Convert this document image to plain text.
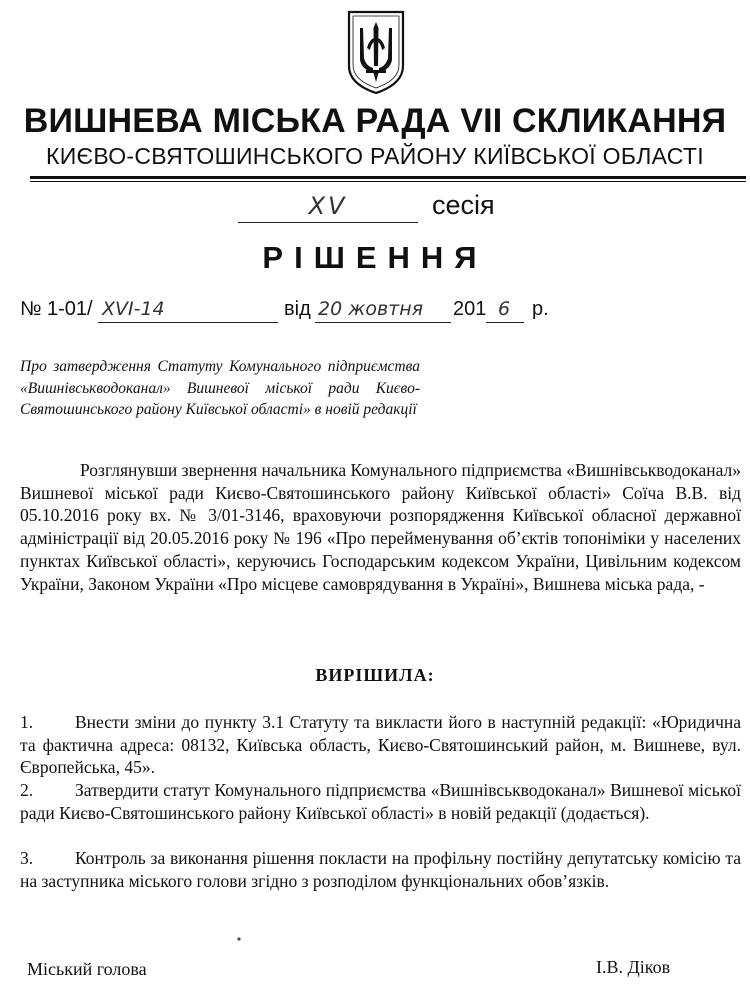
ВИШНЕВА МІСЬКА РАДА VII СКЛИКАННЯ
КИЄВО-СВЯТОШИНСЬКОГО РАЙОНУ КИЇВСЬКОЇ ОБЛАСТІ
XV	сесія
РІШЕННЯ
№ 1-01/ XVI-14	від 20 жовтня 201 6 р.
Про затвердження Статуту Комунального підприємства «Вишнівськводоканал» Вишневої міської ради Києво-Святошинського району Київської області» в новій редакції

Розглянувши звернення начальника Комунального підприємства «Вишнівськводоканал» Вишневої міської ради Києво-Святошинського району Київської області» Соїча В.В. від 05.10.2016 року вх. № 3/01-3146, враховуючи розпорядження Київської обласної державної адміністрації від 20.05.2016 року № 196 «Про перейменування об’єктів топоніміки у населених пунктах Київської області», керуючись Господарським кодексом України, Цивільним кодексом України, Законом України «Про місцеве самоврядування в Україні», Вишнева міська рада, -

ВИРІШИЛА:
1. Внести зміни до пункту 3.1 Статуту та викласти його в наступній редакції: «Юридична та фактична адреса: 08132, Київська область, Києво-Святошинський район, м. Вишневе, вул. Європейська, 45».
2. Затвердити статут Комунального підприємства «Вишнівськводоканал» Вишневої міської ради Києво-Святошинського району Київської області» в новій редакції (додається).
3. Контроль за виконання рішення покласти на профільну постійну депутатську комісію та на заступника міського голови згідно з розподілом функціональних обов’язків.
Міський голова	І.В. Діков
